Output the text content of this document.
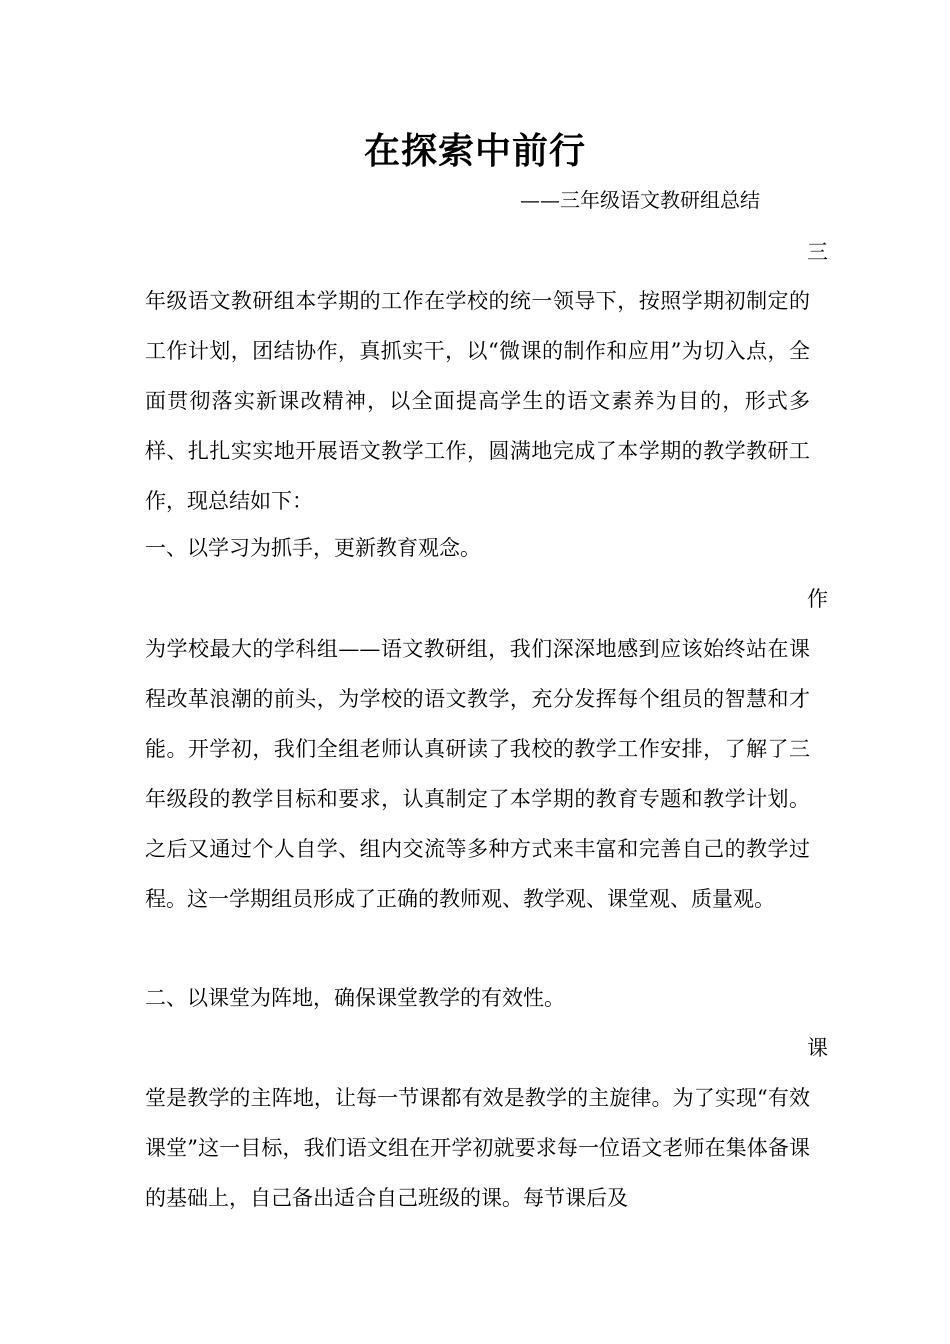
在探索中前行
——三年级语文教研组总结
三
年级语文教研组本学期的工作在学校的统一领导下，按照学期初制定的工作计划，团结协作，真抓实干，以“微课的制作和应用”为切入点，全面贯彻落实新课改精神，以全面提高学生的语文素养为目的，形式多样、扎扎实实地开展语文教学工作，圆满地完成了本学期的教学教研工作，现总结如下：
一、以学习为抓手，更新教育观念。
作
为学校最大的学科组——语文教研组，我们深深地感到应该始终站在课程改革浪潮的前头，为学校的语文教学，充分发挥每个组员的智慧和才能。开学初，我们全组老师认真研读了我校的教学工作安排，了解了三年级段的教学目标和要求，认真制定了本学期的教育专题和教学计划。之后又通过个人自学、组内交流等多种方式来丰富和完善自己的教学过程。这一学期组员形成了正确的教师观、教学观、课堂观、质量观。
二、以课堂为阵地，确保课堂教学的有效性。
课
堂是教学的主阵地，让每一节课都有效是教学的主旋律。为了实现“有效课堂”这一目标，我们语文组在开学初就要求每一位语文老师在集体备课的基础上，自己备出适合自己班级的课。每节课后及
